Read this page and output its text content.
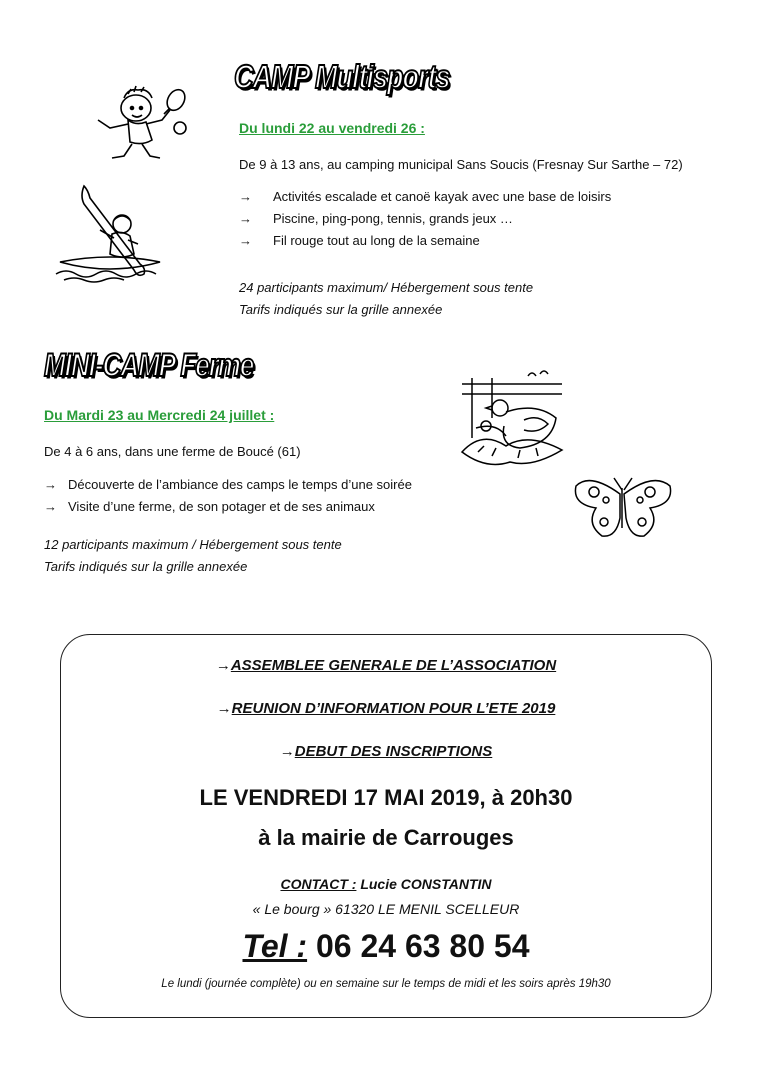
CAMP Multisports
Du lundi 22 au vendredi 26 :
De 9 à 13 ans, au camping municipal Sans Soucis (Fresnay Sur Sarthe – 72)
→	Activités escalade et canoë kayak avec une base de loisirs
→	Piscine, ping-pong, tennis, grands jeux …
→	Fil rouge tout au long de la semaine
24 participants maximum/ Hébergement sous tente
Tarifs indiqués sur la grille annexée
MINI-CAMP Ferme
Du Mardi 23 au Mercredi 24 juillet :
De 4 à 6 ans, dans une ferme de Boucé (61)
→ Découverte de l’ambiance des camps le temps d’une soirée
→ Visite d’une ferme, de son potager et de ses animaux
12 participants maximum / Hébergement sous tente
Tarifs indiqués sur la grille annexée
→ASSEMBLEE GENERALE DE L’ASSOCIATION
→REUNION D’INFORMATION POUR L’ETE 2019
→DEBUT DES INSCRIPTIONS
LE VENDREDI 17 MAI 2019, à 20h30
à la mairie de Carrouges
CONTACT : Lucie CONSTANTIN
« Le bourg » 61320 LE MENIL SCELLEUR
Tel : 06 24 63 80 54
Le lundi (journée complète) ou en semaine sur le temps de midi et les soirs après 19h30
